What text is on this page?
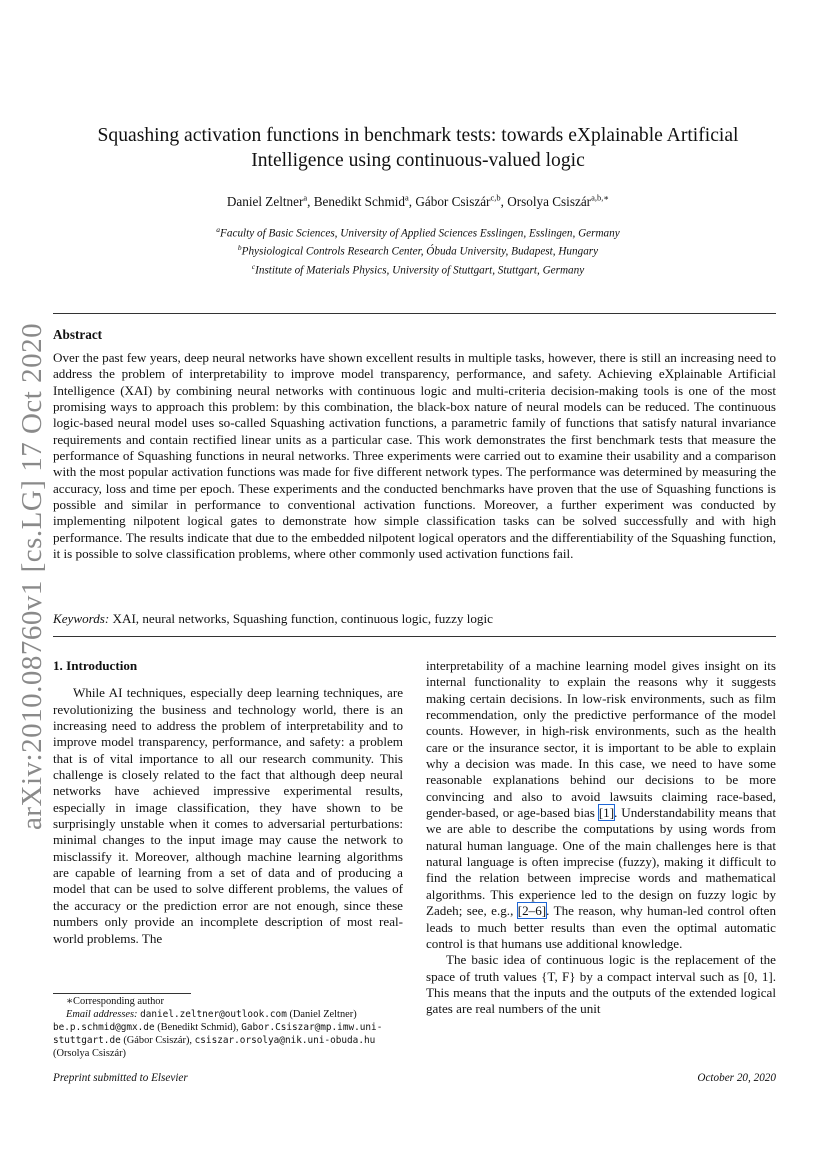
arXiv:2010.08760v1 [cs.LG] 17 Oct 2020
Squashing activation functions in benchmark tests: towards eXplainable Artificial
Intelligence using continuous-valued logic
Daniel Zeltner$^a$, Benedikt Schmid$^a$, Gábor Csiszár$^{c,b}$, Orsolya Csiszár$^{a,b,∗}$
$^a$Faculty of Basic Sciences, University of Applied Sciences Esslingen, Esslingen, Germany
$^b$Physiological Controls Research Center, Óbuda University, Budapest, Hungary
$^c$Institute of Materials Physics, University of Stuttgart, Stuttgart, Germany
Abstract
Over the past few years, deep neural networks have shown excellent results in multiple tasks, however, there is still an increasing need to address the problem of interpretability to improve model transparency, performance, and safety. Achieving eXplainable Artificial Intelligence (XAI) by combining neural networks with continuous logic and multi-criteria decision-making tools is one of the most promising ways to approach this problem: by this combination, the black-box nature of neural models can be reduced. The continuous logic-based neural model uses so-called Squashing activation functions, a parametric family of functions that satisfy natural invariance requirements and contain rectified linear units as a particular case. This work demonstrates the first benchmark tests that measure the performance of Squashing functions in neural networks. Three experiments were carried out to examine their usability and a comparison with the most popular activation functions was made for five different network types. The performance was determined by measuring the accuracy, loss and time per epoch. These experiments and the conducted benchmarks have proven that the use of Squashing functions is possible and similar in performance to conventional activation functions. Moreover, a further experiment was conducted by implementing nilpotent logical gates to demonstrate how simple classification tasks can be solved successfully and with high performance. The results indicate that due to the embedded nilpotent logical operators and the differentiability of the Squashing function, it is possible to solve classification problems, where other commonly used activation functions fail.
Keywords: XAI, neural networks, Squashing function, continuous logic, fuzzy logic
1. Introduction

While AI techniques, especially deep learning techniques, are revolutionizing the business and technology world, there is an increasing need to address the problem of interpretability and to improve model transparency, performance, and safety: a problem that is of vital importance to all our research community. This challenge is closely related to the fact that although deep neural networks have achieved impressive experimental results, especially in image classification, they have shown to be surprisingly unstable when it comes to adversarial perturbations: minimal changes to the input image may cause the network to misclassify it. Moreover, although machine learning algorithms are capable of learning from a set of data and of producing a model that can be used to solve different problems, the values of the accuracy or the prediction error are not enough, since these numbers only provide an incomplete description of most real-world problems. The

interpretability of a machine learning model gives insight on its internal functionality to explain the reasons why it suggests making certain decisions. In low-risk environments, such as film recommendation, only the predictive performance of the model counts. However, in high-risk environments, such as the health care or the insurance sector, it is important to be able to explain why a decision was made. In this case, we need to have some reasonable explanations behind our decisions to be more convincing and also to avoid lawsuits claiming race-based, gender-based, or age-based bias [1]. Understandability means that we are able to describe the computations by using words from natural human language. One of the main challenges here is that natural language is often imprecise (fuzzy), making it difficult to find the relation between imprecise words and mathematical algorithms. This experience led to the design on fuzzy logic by Zadeh; see, e.g., [2–6]. The reason, why human-led control often leads to much better results than even the optimal automatic control is that humans use additional knowledge.

The basic idea of continuous logic is the replacement of the space of truth values {T, F} by a compact interval such as [0, 1]. This means that the inputs and the outputs of the extended logical gates are real numbers of the unit

∗Corresponding author

Email addresses: daniel.zeltner@outlook.com (Daniel Zeltner) be.p.schmid@gmx.de (Benedikt Schmid), Gabor.Csiszar@mp.imw.uni-stuttgart.de (Gábor Csiszár), csiszar.orsolya@nik.uni-obuda.hu (Orsolya Csiszár)

Preprint submitted to Elsevier	October 20, 2020
